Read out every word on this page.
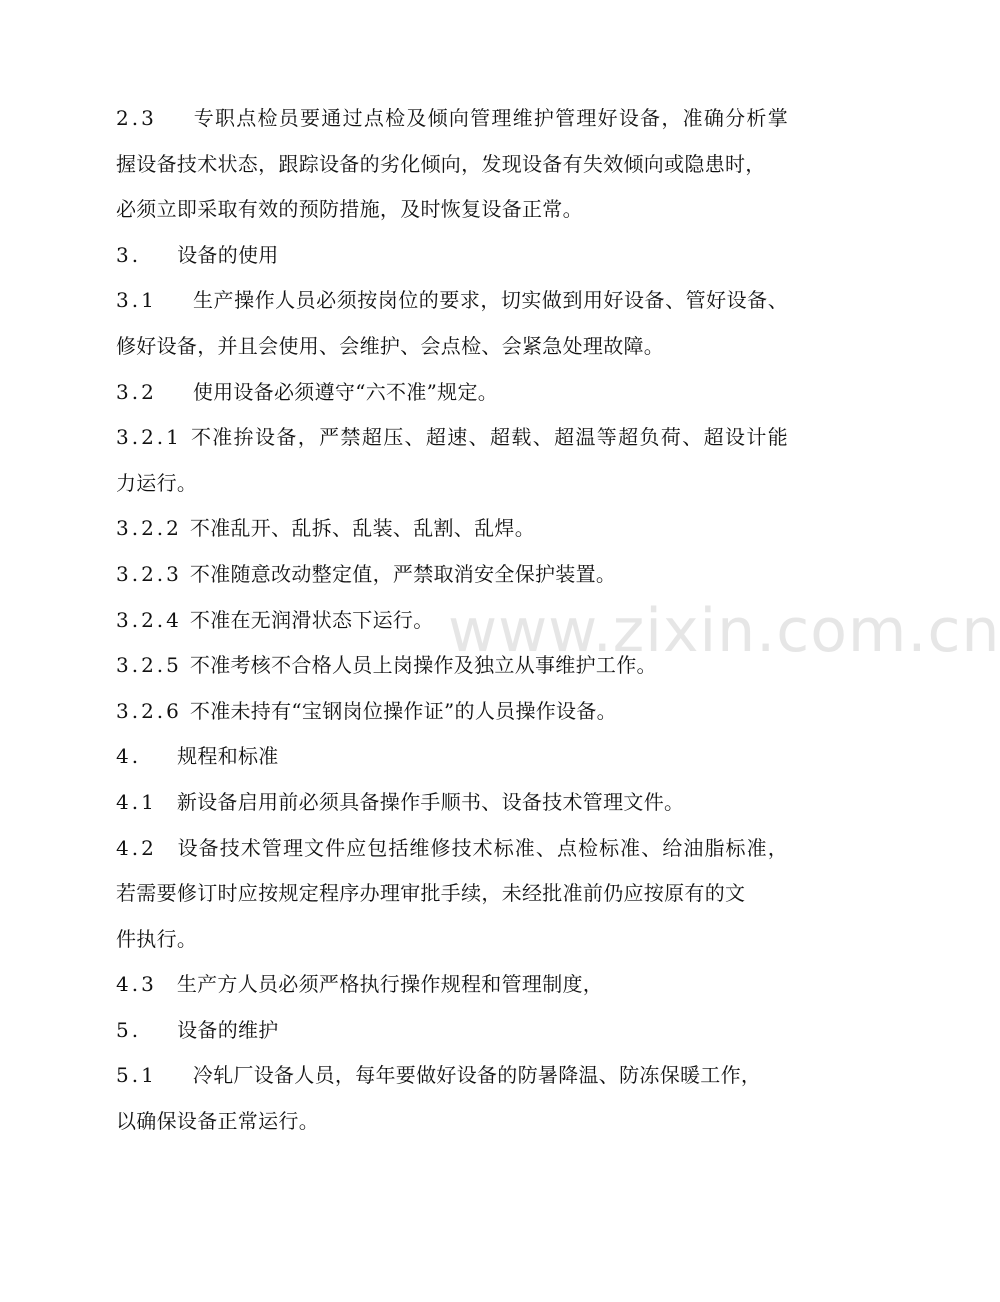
www.zixin.com.cn
2.3 专职点检员要通过点检及倾向管理维护管理好设备，准确分析掌
握设备技术状态，跟踪设备的劣化倾向，发现设备有失效倾向或隐患时，
必须立即采取有效的预防措施，及时恢复设备正常。
3. 设备的使用
3.1 生产操作人员必须按岗位的要求，切实做到用好设备、管好设备、
修好设备，并且会使用、会维护、会点检、会紧急处理故障。
3.2 使用设备必须遵守“六不准”规定。
3.2.1 不准拚设备，严禁超压、超速、超载、超温等超负荷、超设计能
力运行。
3.2.2 不准乱开、乱拆、乱装、乱割、乱焊。
3.2.3 不准随意改动整定值，严禁取消安全保护装置。
3.2.4 不准在无润滑状态下运行。
3.2.5 不准考核不合格人员上岗操作及独立从事维护工作。
3.2.6 不准未持有“宝钢岗位操作证”的人员操作设备。
4. 规程和标准
4.1 新设备启用前必须具备操作手顺书、设备技术管理文件。
4.2 设备技术管理文件应包括维修技术标准、点检标准、给油脂标准，
若需要修订时应按规定程序办理审批手续，未经批准前仍应按原有的文
件执行。
4.3 生产方人员必须严格执行操作规程和管理制度，
5. 设备的维护
5.1 冷轧厂设备人员，每年要做好设备的防暑降温、防冻保暖工作，
以确保设备正常运行。
